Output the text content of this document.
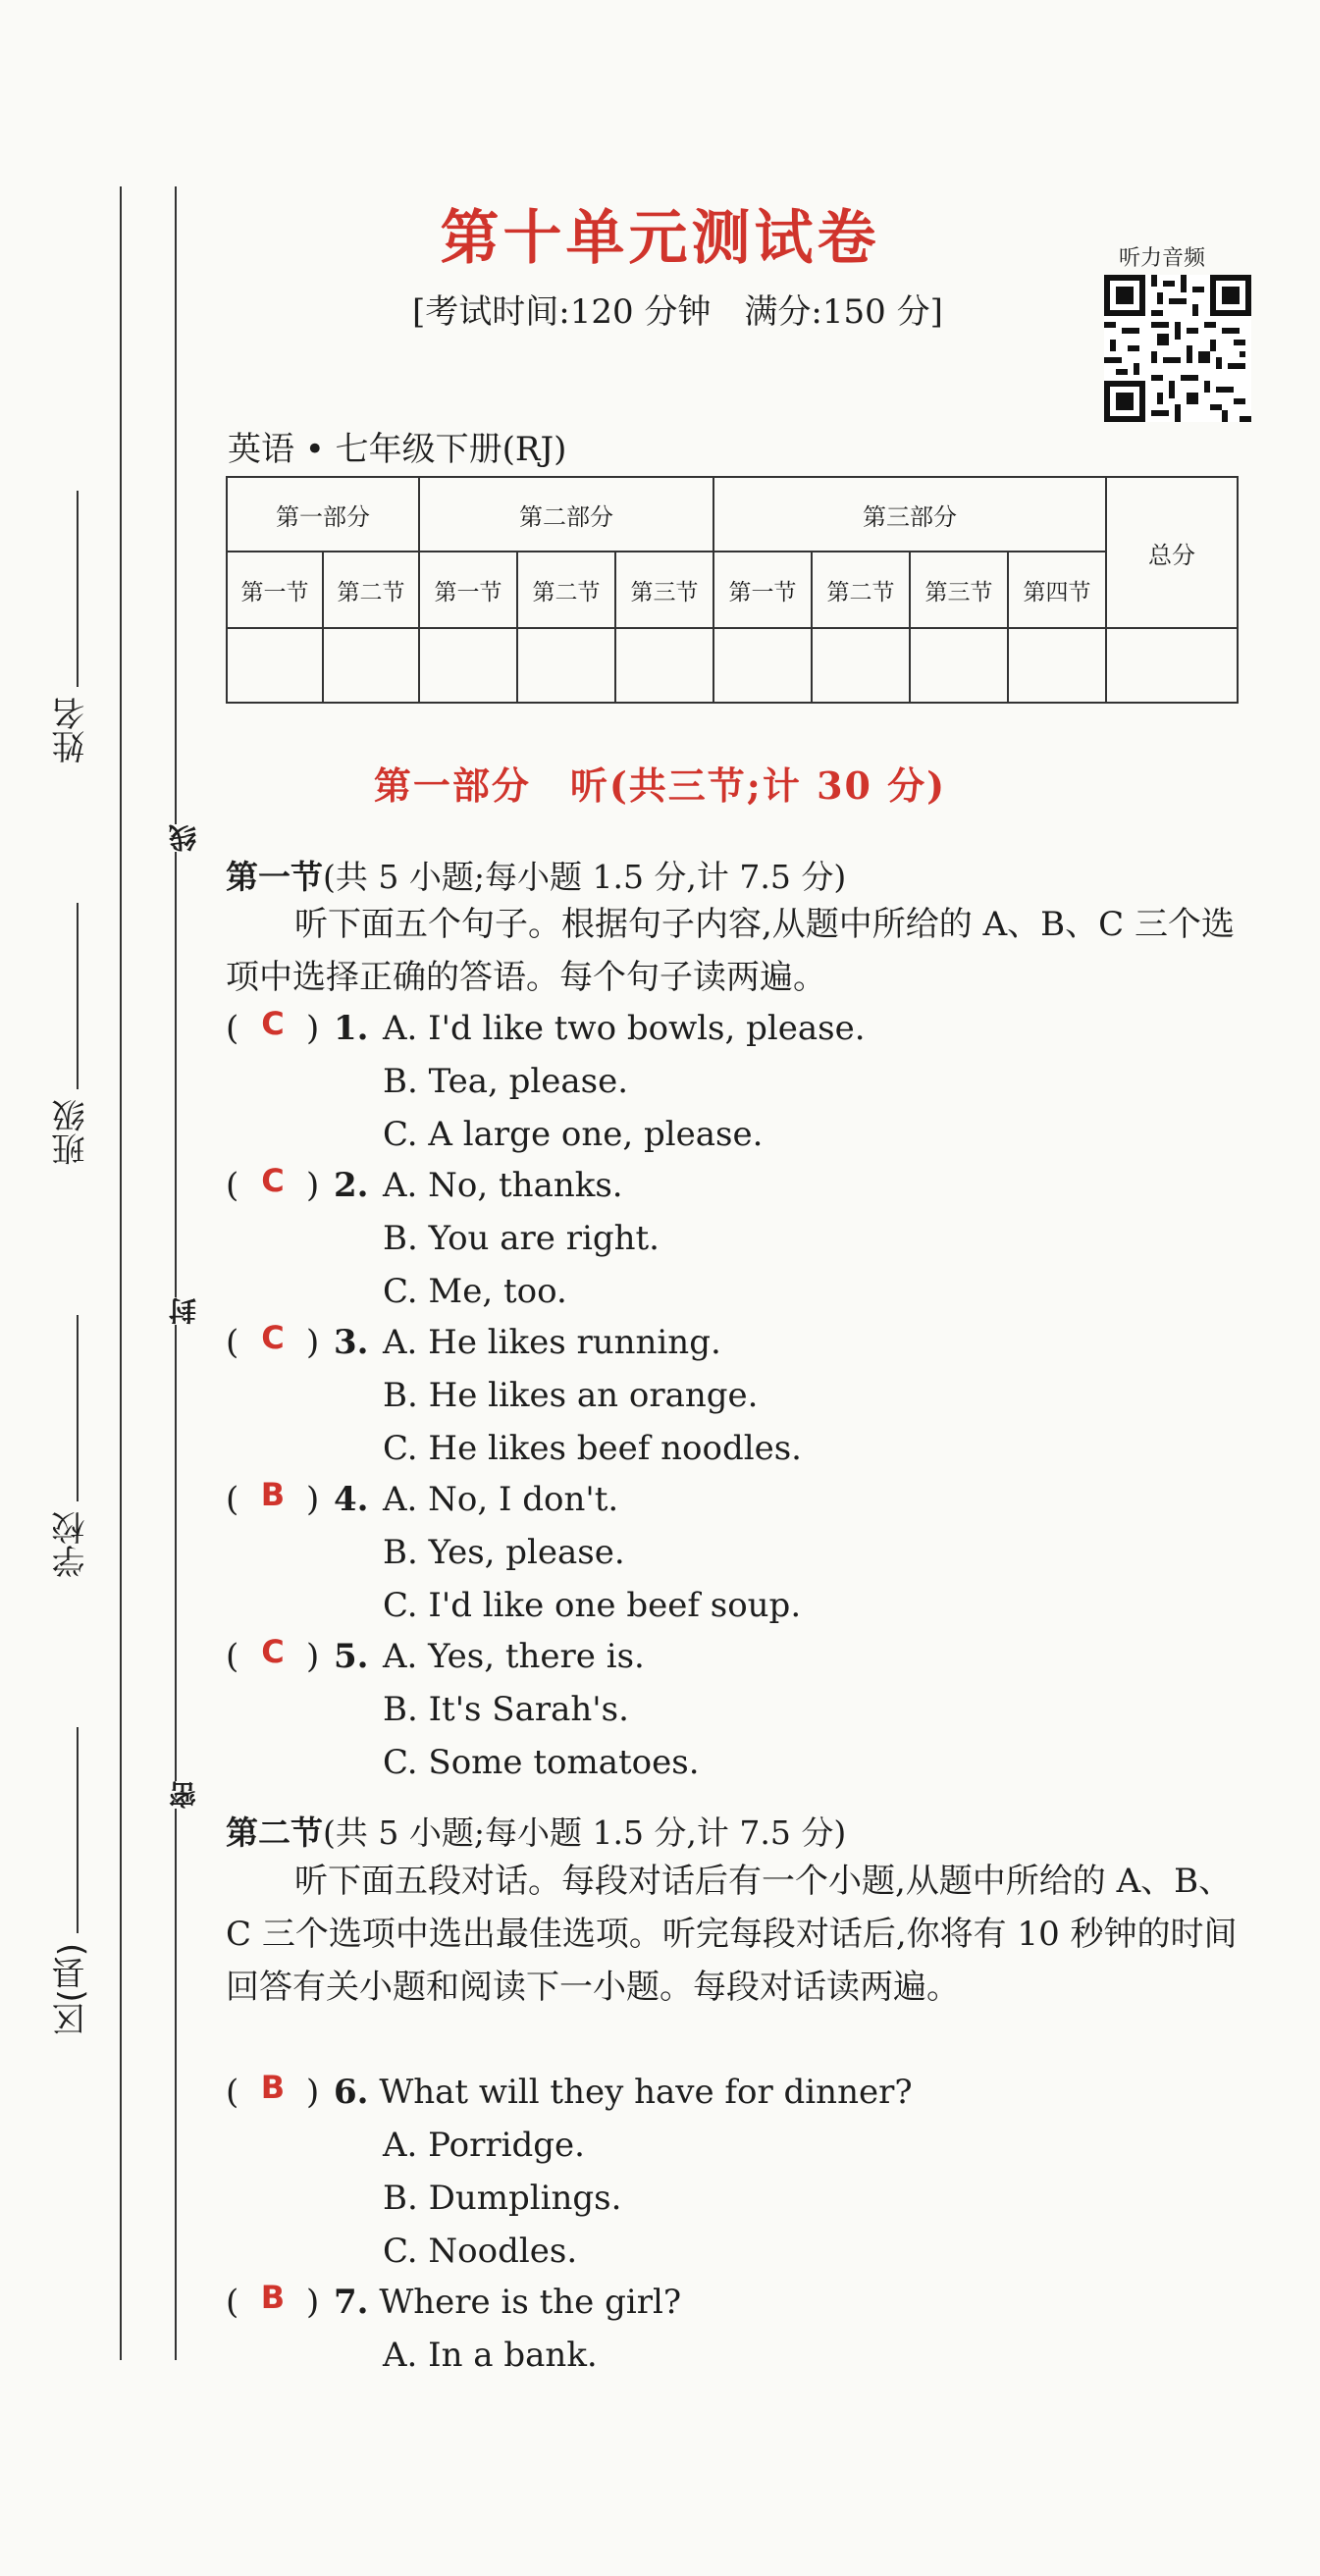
姓名
班级
学校
区(县)
线
封
密
第十单元测试卷
[考试时间:120 分钟　满分:150 分]
听力音频
英语 • 七年级下册(RJ)
第一部分		第二部分			第三部分				总分
第一节	第二节	第一节	第二节	第三节	第一节	第二节	第三节	第四节	

第一部分　听(共三节;计 30 分)
第一节(共 5 小题;每小题 1.5 分,计 7.5 分)
听下面五个句子。根据句子内容,从题中所给的 A、B、C 三个选项中选择正确的答语。每个句子读两遍。
( C ) 1. A. I'd like two bowls, please.
B. Tea, please.
C. A large one, please.
( C ) 2. A. No, thanks.
B. You are right.
C. Me, too.
( C ) 3. A. He likes running.
B. He likes an orange.
C. He likes beef noodles.
( B ) 4. A. No, I don't.
B. Yes, please.
C. I'd like one beef soup.
( C ) 5. A. Yes, there is.
B. It's Sarah's.
C. Some tomatoes.
第二节(共 5 小题;每小题 1.5 分,计 7.5 分)
听下面五段对话。每段对话后有一个小题,从题中所给的 A、B、C 三个选项中选出最佳选项。听完每段对话后,你将有 10 秒钟的时间回答有关小题和阅读下一小题。每段对话读两遍。
( B ) 6. What will they have for dinner?
A. Porridge.
B. Dumplings.
C. Noodles.
( B ) 7. Where is the girl?
A. In a bank.
